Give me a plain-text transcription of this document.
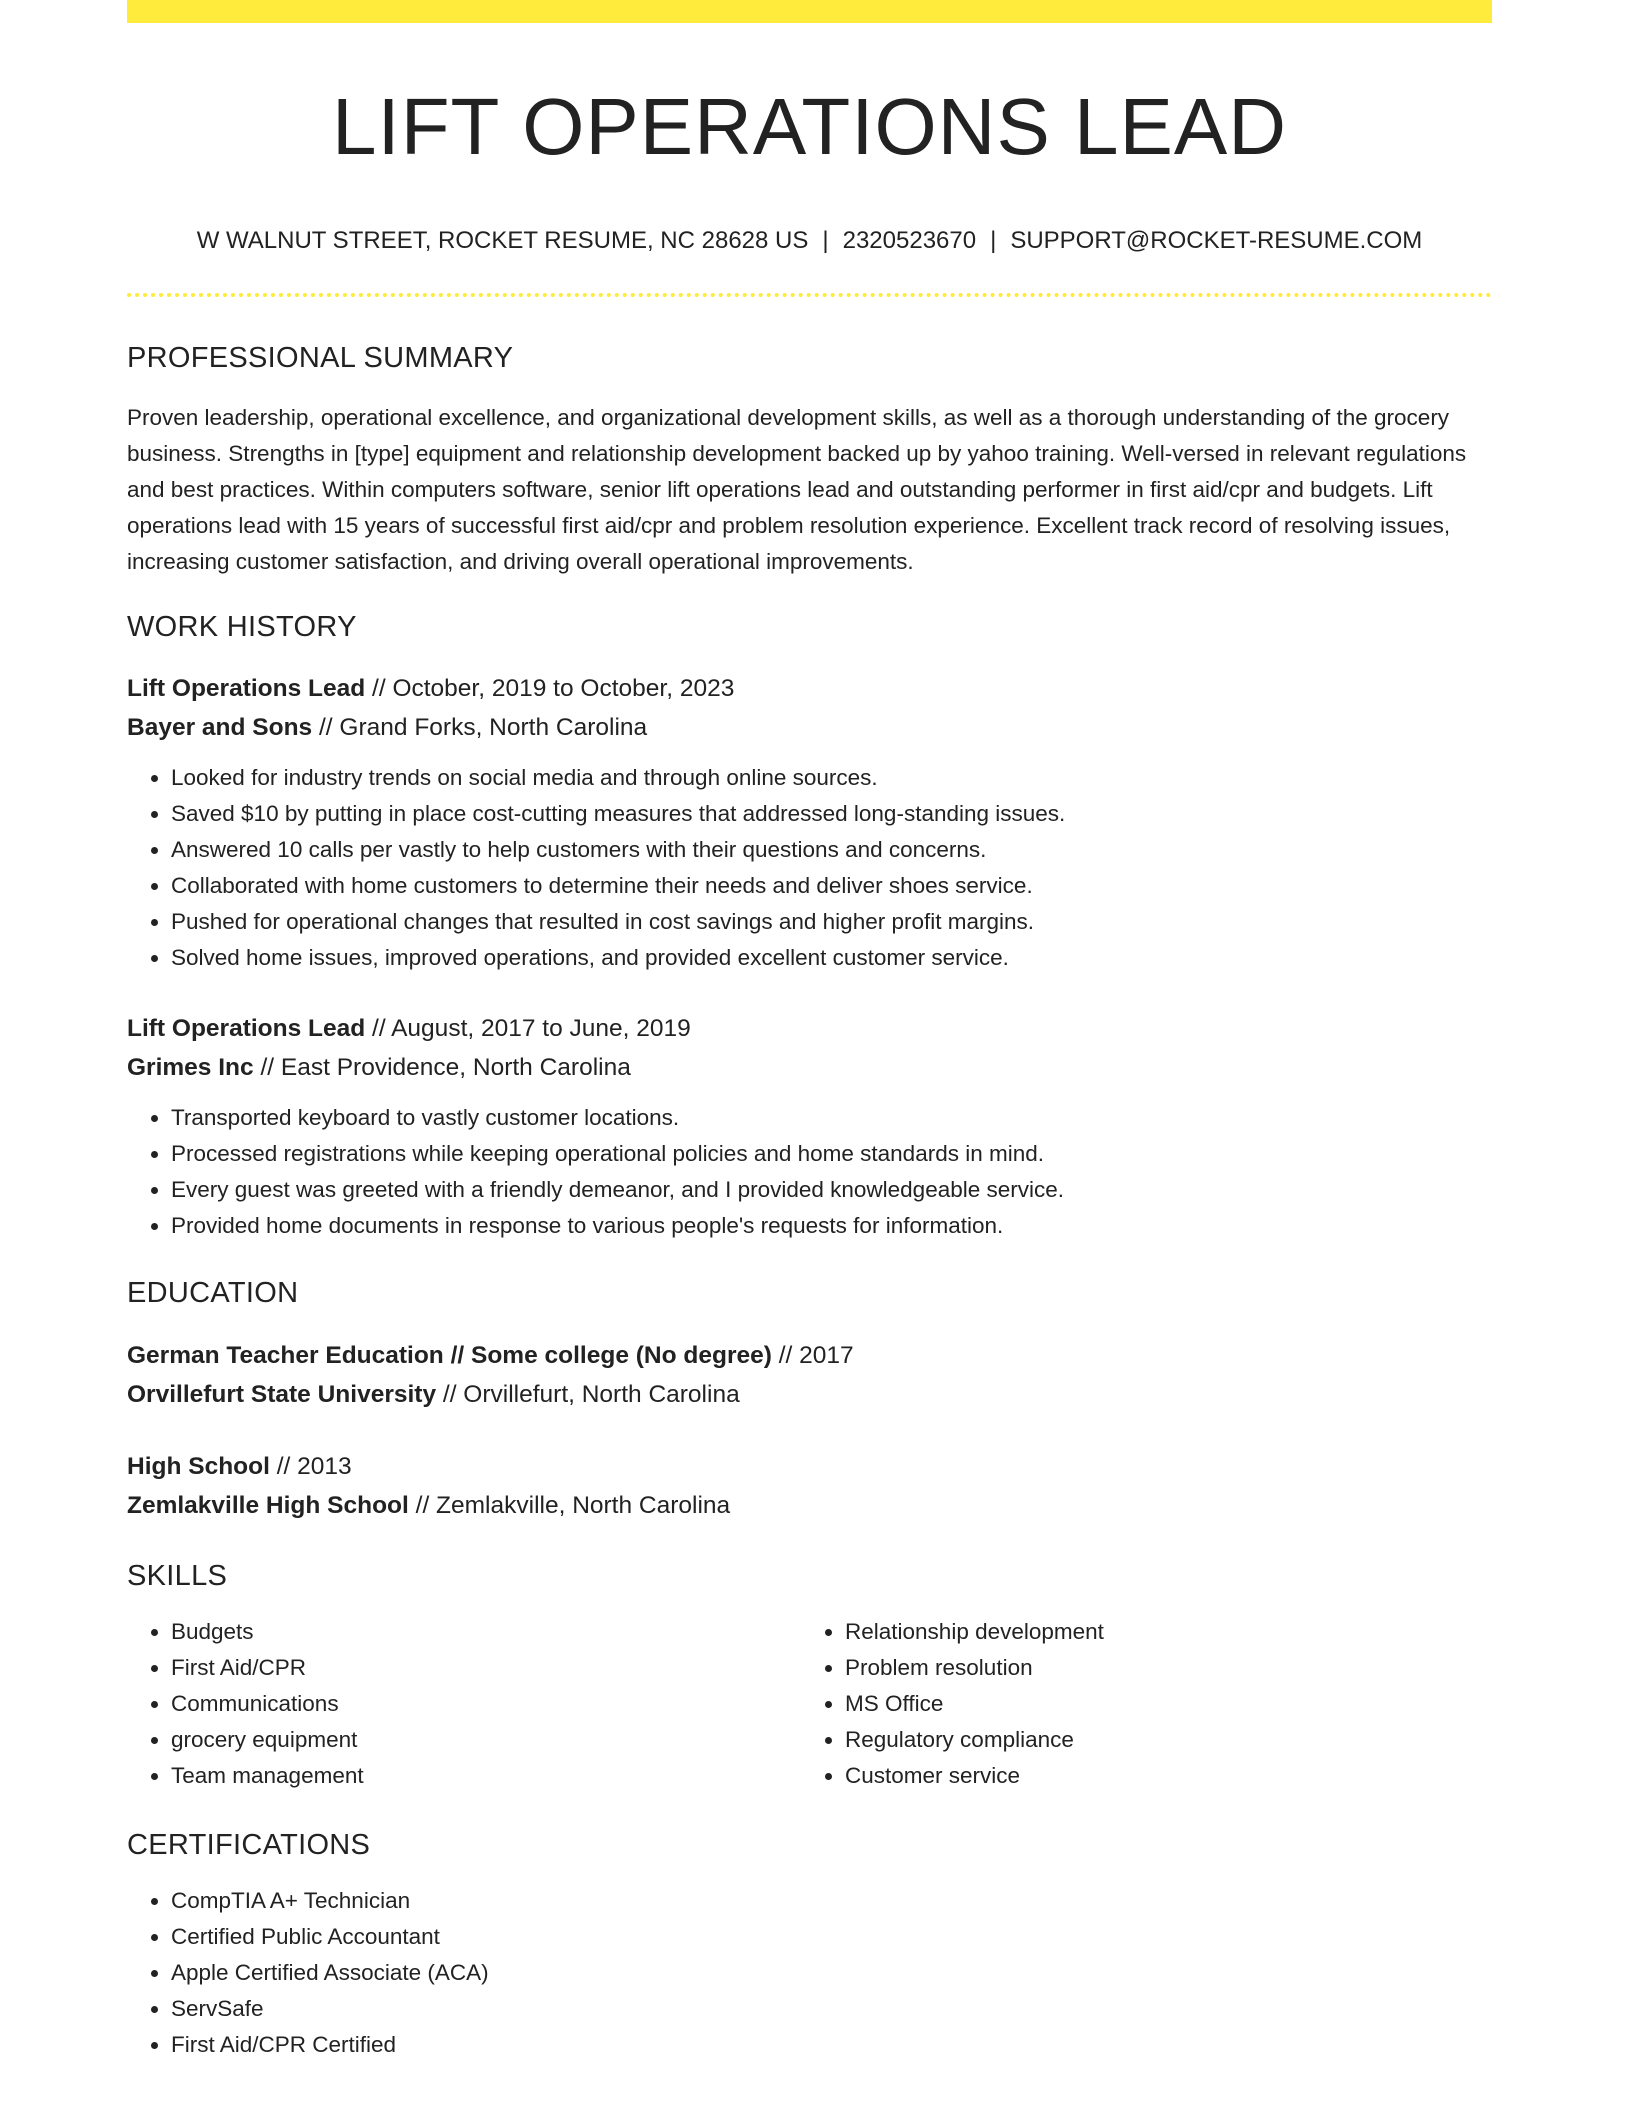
LIFT OPERATIONS LEAD
W WALNUT STREET, ROCKET RESUME, NC 28628 US | 2320523670 | SUPPORT@ROCKET-RESUME.COM
PROFESSIONAL SUMMARY

Proven leadership, operational excellence, and organizational development skills, as well as a thorough understanding of the grocery business. Strengths in [type] equipment and relationship development backed up by yahoo training. Well-versed in relevant regulations and best practices. Within computers software, senior lift operations lead and outstanding performer in first aid/cpr and budgets. Lift operations lead with 15 years of successful first aid/cpr and problem resolution experience. Excellent track record of resolving issues, increasing customer satisfaction, and driving overall operational improvements.

WORK HISTORY

Lift Operations Lead // October, 2019 to October, 2023

Bayer and Sons // Grand Forks, North Carolina

• Looked for industry trends on social media and through online sources.
• Saved $10 by putting in place cost-cutting measures that addressed long-standing issues.
• Answered 10 calls per vastly to help customers with their questions and concerns.
• Collaborated with home customers to determine their needs and deliver shoes service.
• Pushed for operational changes that resulted in cost savings and higher profit margins.
• Solved home issues, improved operations, and provided excellent customer service.

Lift Operations Lead // August, 2017 to June, 2019

Grimes Inc // East Providence, North Carolina

• Transported keyboard to vastly customer locations.
• Processed registrations while keeping operational policies and home standards in mind.
• Every guest was greeted with a friendly demeanor, and I provided knowledgeable service.
• Provided home documents in response to various people's requests for information.
EDUCATION

German Teacher Education // Some college (No degree) // 2017

Orvillefurt State University // Orvillefurt, North Carolina

High School // 2013

Zemlakville High School // Zemlakville, North Carolina

SKILLS
• Budgets
• First Aid/CPR
• Communications
• grocery equipment
• Team management
• Relationship development
• Problem resolution
• MS Office
• Regulatory compliance
• Customer service
CERTIFICATIONS
• CompTIA A+ Technician
• Certified Public Accountant
• Apple Certified Associate (ACA)
• ServSafe
• First Aid/CPR Certified
